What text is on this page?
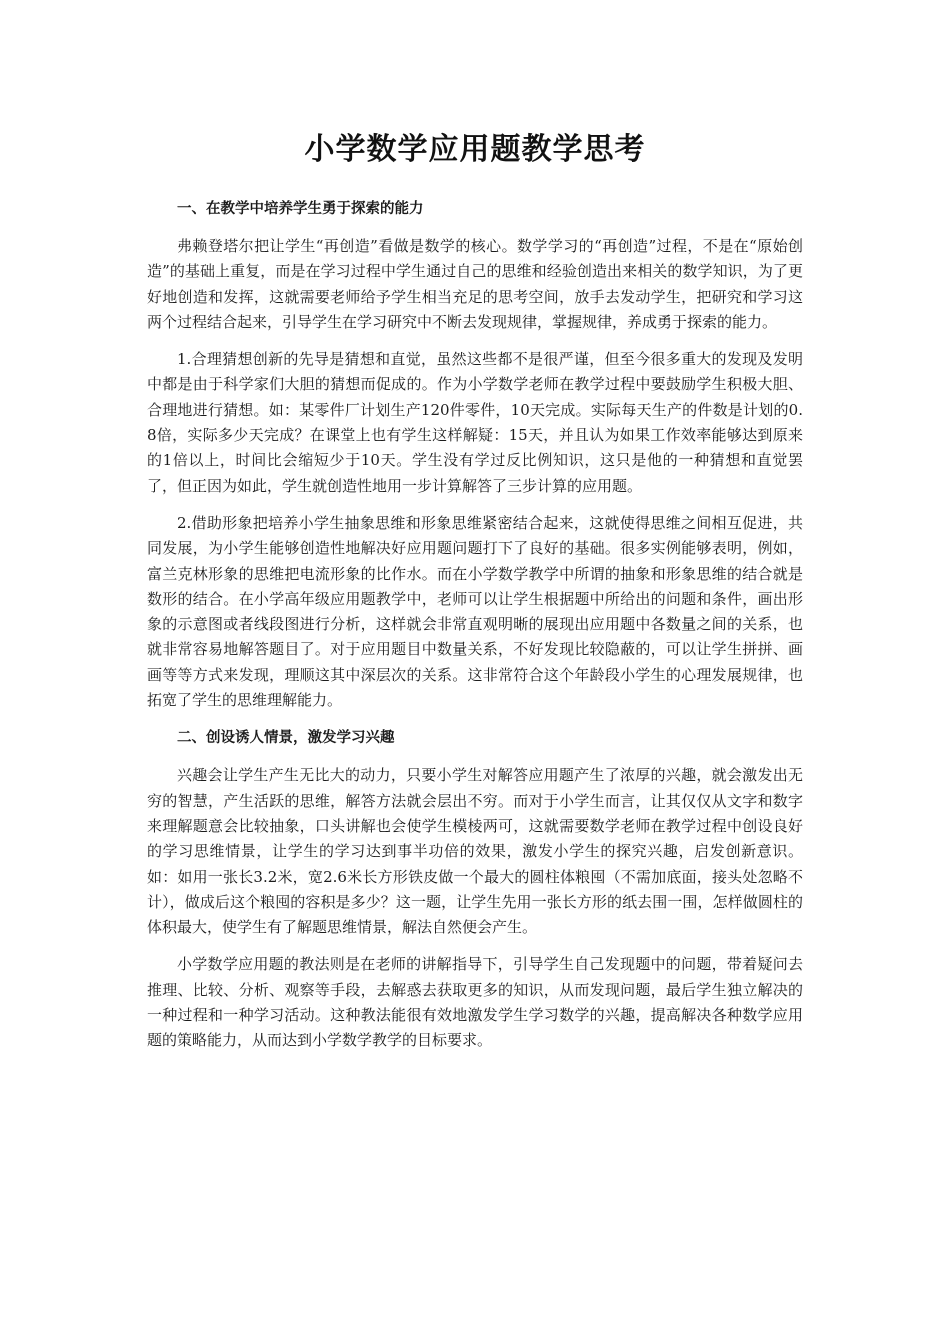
小学数学应用题教学思考
一、在教学中培养学生勇于探索的能力

弗赖登塔尔把让学生“再创造”看做是数学的核心。数学学习的“再创造”过程，不是在“原始创造”的基础上重复，而是在学习过程中学生通过自己的思维和经验创造出来相关的数学知识，为了更好地创造和发挥，这就需要老师给予学生相当充足的思考空间，放手去发动学生，把研究和学习这两个过程结合起来，引导学生在学习研究中不断去发现规律，掌握规律，养成勇于探索的能力。

1.合理猜想创新的先导是猜想和直觉，虽然这些都不是很严谨，但至今很多重大的发现及发明中都是由于科学家们大胆的猜想而促成的。作为小学数学老师在教学过程中要鼓励学生积极大胆、合理地进行猜想。如：某零件厂计划生产120件零件，10天完成。实际每天生产的件数是计划的0.8倍，实际多少天完成？在课堂上也有学生这样解疑：15天，并且认为如果工作效率能够达到原来的1倍以上，时间比会缩短少于10天。学生没有学过反比例知识，这只是他的一种猜想和直觉罢了，但正因为如此，学生就创造性地用一步计算解答了三步计算的应用题。

2.借助形象把培养小学生抽象思维和形象思维紧密结合起来，这就使得思维之间相互促进，共同发展，为小学生能够创造性地解决好应用题问题打下了良好的基础。很多实例能够表明，例如，富兰克林形象的思维把电流形象的比作水。而在小学数学教学中所谓的抽象和形象思维的结合就是数形的结合。在小学高年级应用题教学中，老师可以让学生根据题中所给出的问题和条件，画出形象的示意图或者线段图进行分析，这样就会非常直观明晰的展现出应用题中各数量之间的关系，也就非常容易地解答题目了。对于应用题目中数量关系，不好发现比较隐蔽的，可以让学生拼拼、画画等等方式来发现，理顺这其中深层次的关系。这非常符合这个年龄段小学生的心理发展规律，也拓宽了学生的思维理解能力。

二、创设诱人情景，激发学习兴趣

兴趣会让学生产生无比大的动力，只要小学生对解答应用题产生了浓厚的兴趣，就会激发出无穷的智慧，产生活跃的思维，解答方法就会层出不穷。而对于小学生而言，让其仅仅从文字和数字来理解题意会比较抽象，口头讲解也会使学生模棱两可，这就需要数学老师在教学过程中创设良好的学习思维情景，让学生的学习达到事半功倍的效果，激发小学生的探究兴趣，启发创新意识。如：如用一张长3.2米，宽2.6米长方形铁皮做一个最大的圆柱体粮囤（不需加底面，接头处忽略不计），做成后这个粮囤的容积是多少？这一题，让学生先用一张长方形的纸去围一围，怎样做圆柱的体积最大，使学生有了解题思维情景，解法自然便会产生。

小学数学应用题的教法则是在老师的讲解指导下，引导学生自己发现题中的问题，带着疑问去推理、比较、分析、观察等手段，去解惑去获取更多的知识，从而发现问题，最后学生独立解决的一种过程和一种学习活动。这种教法能很有效地激发学生学习数学的兴趣，提高解决各种数学应用题的策略能力，从而达到小学数学教学的目标要求。
